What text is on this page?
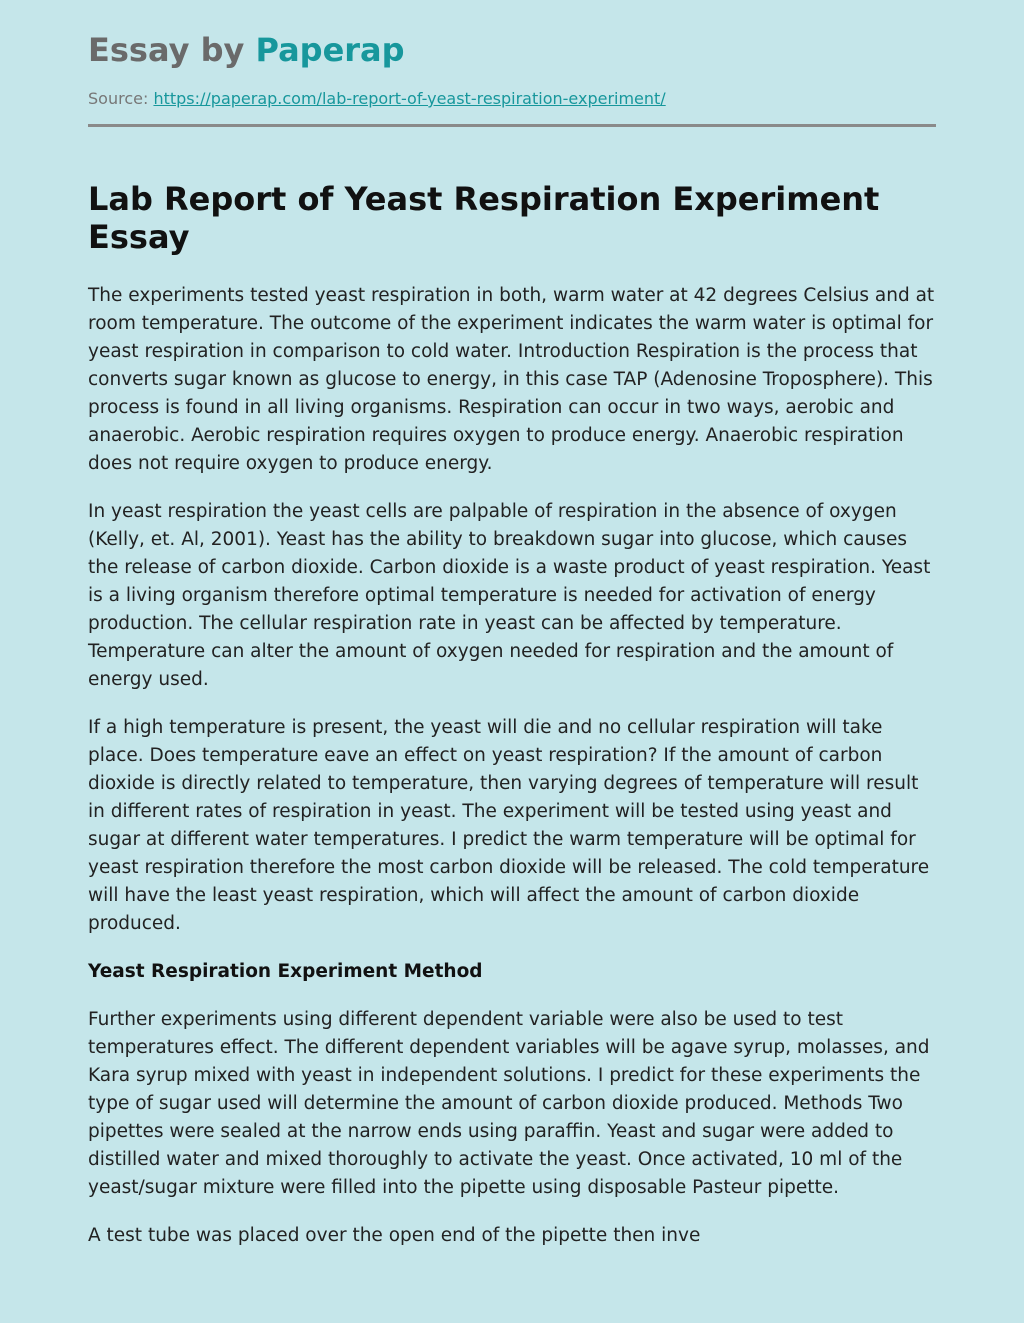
Essay by Paperap
Source: https://paperap.com/lab-report-of-yeast-respiration-experiment/
Lab Report of Yeast Respiration Experiment Essay

The experiments tested yeast respiration in both, warm water at 42 degrees Celsius and at room temperature. The outcome of the experiment indicates the warm water is optimal for yeast respiration in comparison to cold water. Introduction Respiration is the process that converts sugar known as glucose to energy, in this case TAP (Adenosine Troposphere). This process is found in all living organisms. Respiration can occur in two ways, aerobic and anaerobic. Aerobic respiration requires oxygen to produce energy. Anaerobic respiration does not require oxygen to produce energy.

In yeast respiration the yeast cells are palpable of respiration in the absence of oxygen (Kelly, et. Al, 2001). Yeast has the ability to breakdown sugar into glucose, which causes the release of carbon dioxide. Carbon dioxide is a waste product of yeast respiration. Yeast is a living organism therefore optimal temperature is needed for activation of energy production. The cellular respiration rate in yeast can be affected by temperature. Temperature can alter the amount of oxygen needed for respiration and the amount of energy used.

If a high temperature is present, the yeast will die and no cellular respiration will take place. Does temperature eave an effect on yeast respiration? If the amount of carbon dioxide is directly related to temperature, then varying degrees of temperature will result in different rates of respiration in yeast. The experiment will be tested using yeast and sugar at different water temperatures. I predict the warm temperature will be optimal for yeast respiration therefore the most carbon dioxide will be released. The cold temperature will have the least yeast respiration, which will affect the amount of carbon dioxide produced.

Yeast Respiration Experiment Method

Further experiments using different dependent variable were also be used to test temperatures effect. The different dependent variables will be agave syrup, molasses, and Kara syrup mixed with yeast in independent solutions. I predict for these experiments the type of sugar used will determine the amount of carbon dioxide produced. Methods Two pipettes were sealed at the narrow ends using paraffin. Yeast and sugar were added to distilled water and mixed thoroughly to activate the yeast. Once activated, 10 ml of the yeast/sugar mixture were filled into the pipette using disposable Pasteur pipette.

A test tube was placed over the open end of the pipette then inve
